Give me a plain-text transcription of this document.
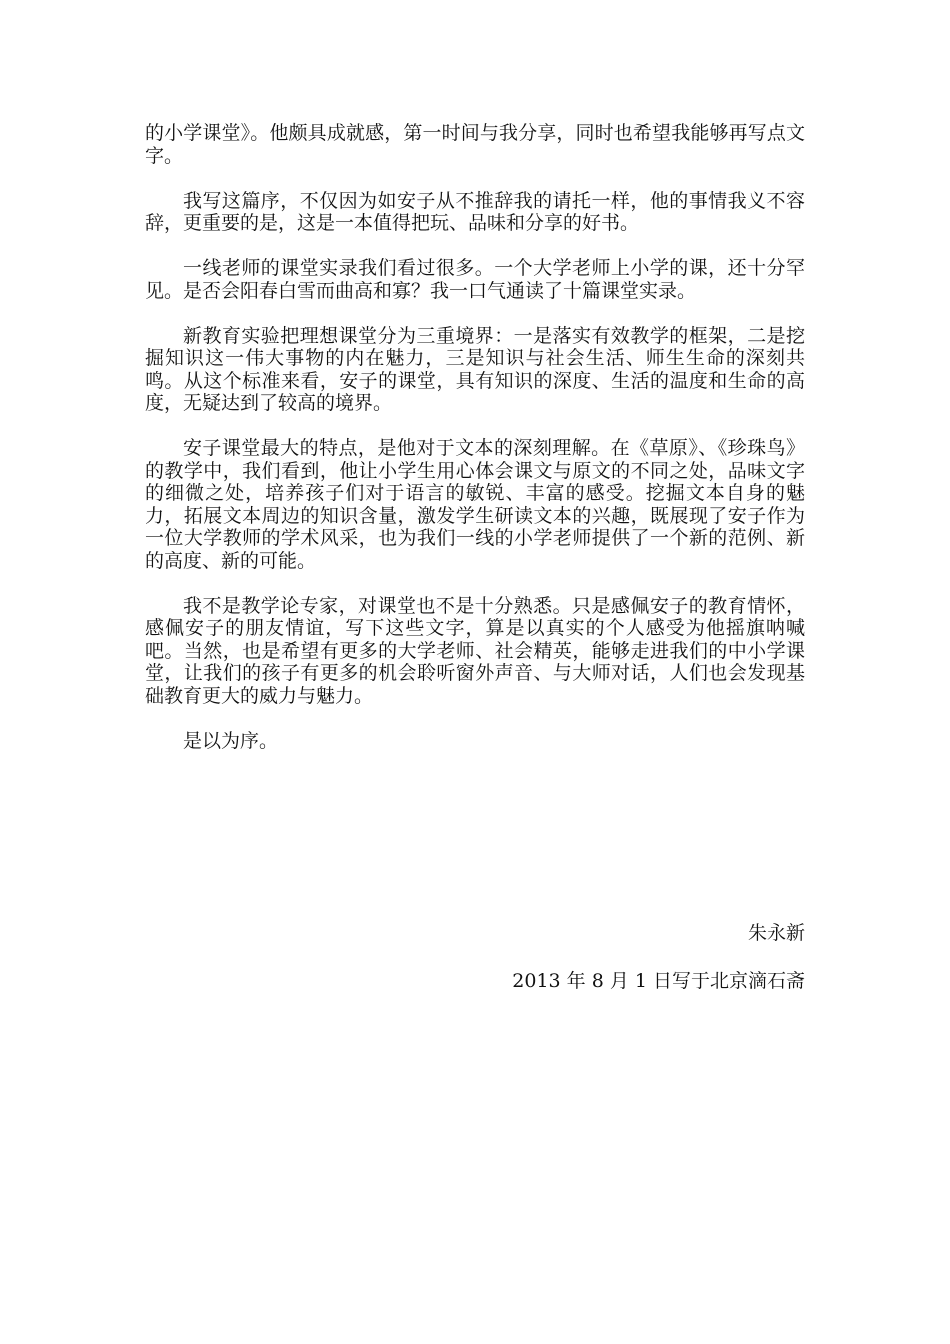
的小学课堂》。他颇具成就感，第一时间与我分享，同时也希望我能够再写点文字。

我写这篇序，不仅因为如安子从不推辞我的请托一样，他的事情我义不容辞，更重要的是，这是一本值得把玩、品味和分享的好书。

一线老师的课堂实录我们看过很多。一个大学老师上小学的课，还十分罕见。是否会阳春白雪而曲高和寡？我一口气通读了十篇课堂实录。

新教育实验把理想课堂分为三重境界：一是落实有效教学的框架，二是挖掘知识这一伟大事物的内在魅力，三是知识与社会生活、师生生命的深刻共鸣。从这个标准来看，安子的课堂，具有知识的深度、生活的温度和生命的高度，无疑达到了较高的境界。

安子课堂最大的特点，是他对于文本的深刻理解。在《草原》、《珍珠鸟》的教学中，我们看到，他让小学生用心体会课文与原文的不同之处，品味文字的细微之处，培养孩子们对于语言的敏锐、丰富的感受。挖掘文本自身的魅力，拓展文本周边的知识含量，激发学生研读文本的兴趣，既展现了安子作为一位大学教师的学术风采，也为我们一线的小学老师提供了一个新的范例、新的高度、新的可能。

我不是教学论专家，对课堂也不是十分熟悉。只是感佩安子的教育情怀，感佩安子的朋友情谊，写下这些文字，算是以真实的个人感受为他摇旗呐喊吧。当然，也是希望有更多的大学老师、社会精英，能够走进我们的中小学课堂，让我们的孩子有更多的机会聆听窗外声音、与大师对话，人们也会发现基础教育更大的威力与魅力。

是以为序。

朱永新
2013 年 8 月 1 日写于北京滴石斋
